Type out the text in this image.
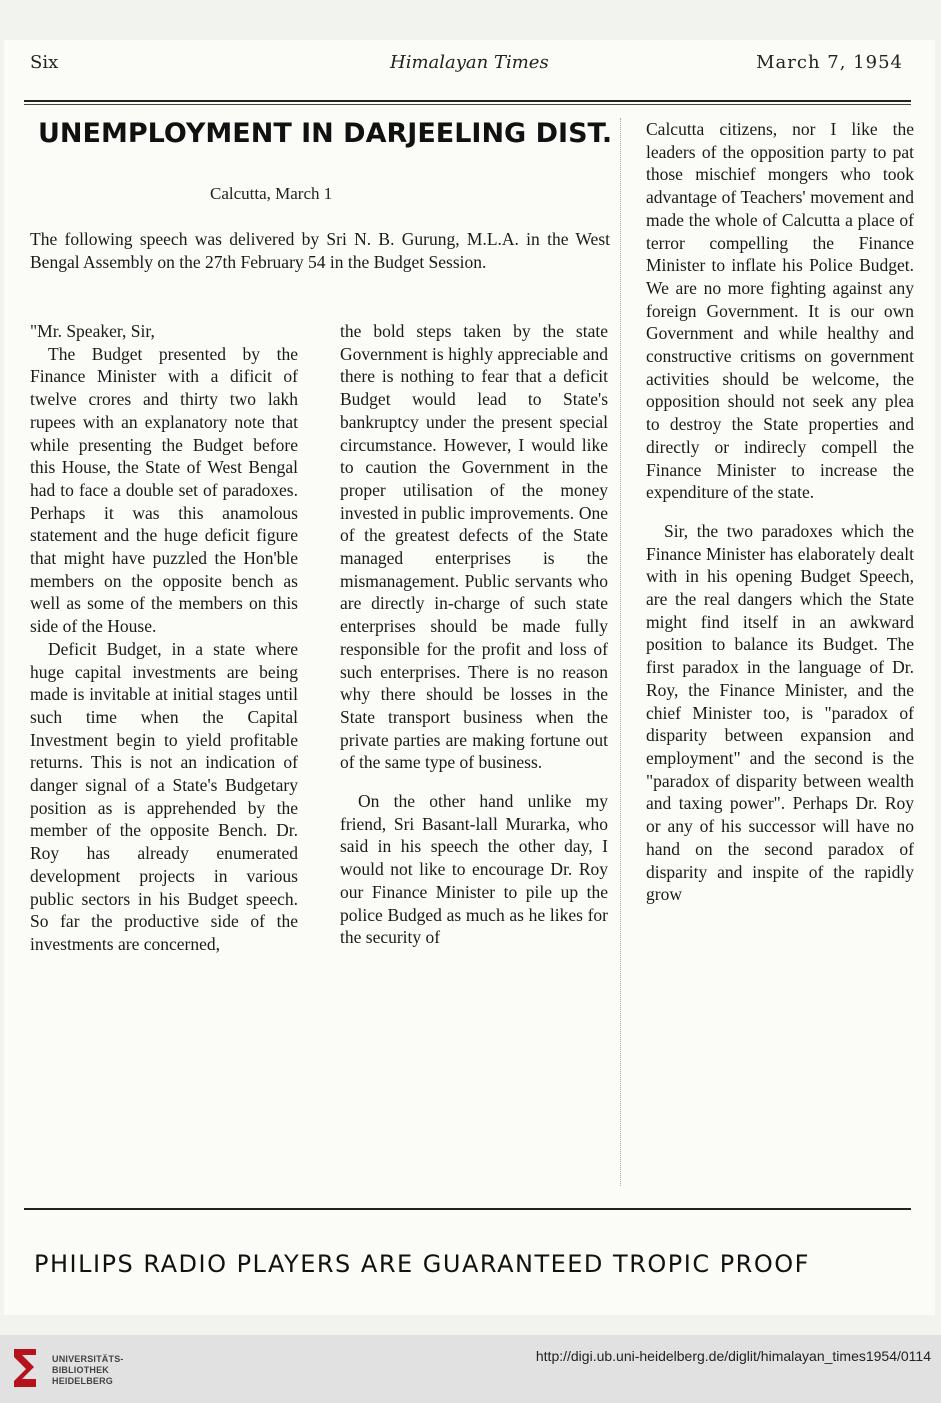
Six	Himalayan Times	March 7, 1954
UNEMPLOYMENT IN DARJEELING DIST.
Calcutta, March 1
The following speech was delivered by Sri N. B. Gurung, M.L.A. in the West Bengal Assembly on the 27th February 54 in the Budget Session.

"Mr. Speaker, Sir,

The Budget presented by the Finance Minister with a dificit of twelve crores and thirty two lakh rupees with an explanatory note that while presenting the Budget before this House, the State of West Bengal had to face a double set of paradoxes. Perhaps it was this anamolous statement and the huge deficit figure that might have puzzled the Hon'ble members on the opposite bench as well as some of the members on this side of the House.

Deficit Budget, in a state where huge capital investments are being made is invitable at initial stages until such time when the Capital Investment begin to yield profitable returns. This is not an indication of danger signal of a State's Budgetary position as is apprehended by the member of the opposite Bench. Dr. Roy has already enumerated development projects in various public sectors in his Budget speech. So far the productive side of the investments are concerned,

the bold steps taken by the state Government is highly appreciable and there is nothing to fear that a deficit Budget would lead to State's bankruptcy under the present special circumstance. However, I would like to caution the Government in the proper utilisation of the money invested in public improvements. One of the greatest defects of the State managed enterprises is the mismanagement. Public servants who are directly in-charge of such state enterprises should be made fully responsible for the profit and loss of such enterprises. There is no reason why there should be losses in the State transport business when the private parties are making fortune out of the same type of business.

On the other hand unlike my friend, Sri Basant-lall Murarka, who said in his speech the other day, I would not like to encourage Dr. Roy our Finance Minister to pile up the police Budged as much as he likes for the security of

Calcutta citizens, nor I like the leaders of the opposition party to pat those mischief mongers who took advantage of Teachers' movement and made the whole of Calcutta a place of terror compelling the Finance Minister to inflate his Police Budget. We are no more fighting against any foreign Government. It is our own Government and while healthy and constructive critisms on government activities should be welcome, the opposition should not seek any plea to destroy the State properties and directly or indirecly compell the Finance Minister to increase the expenditure of the state.

Sir, the two paradoxes which the Finance Minister has elaborately dealt with in his opening Budget Speech, are the real dangers which the State might find itself in an awkward position to balance its Budget. The first paradox in the language of Dr. Roy, the Finance Minister, and the chief Minister too, is "paradox of disparity between expansion and employment" and the second is the "paradox of disparity between wealth and taxing power". Perhaps Dr. Roy or any of his successor will have no hand on the second paradox of disparity and inspite of the rapidly grow

PHILIPS RADIO PLAYERS ARE GUARANTEED TROPIC PROOF
UNIVERSITÄTS-
BIBLIOTHEK
HEIDELBERG
http://digi.ub.uni-heidelberg.de/diglit/himalayan_times1954/0114
